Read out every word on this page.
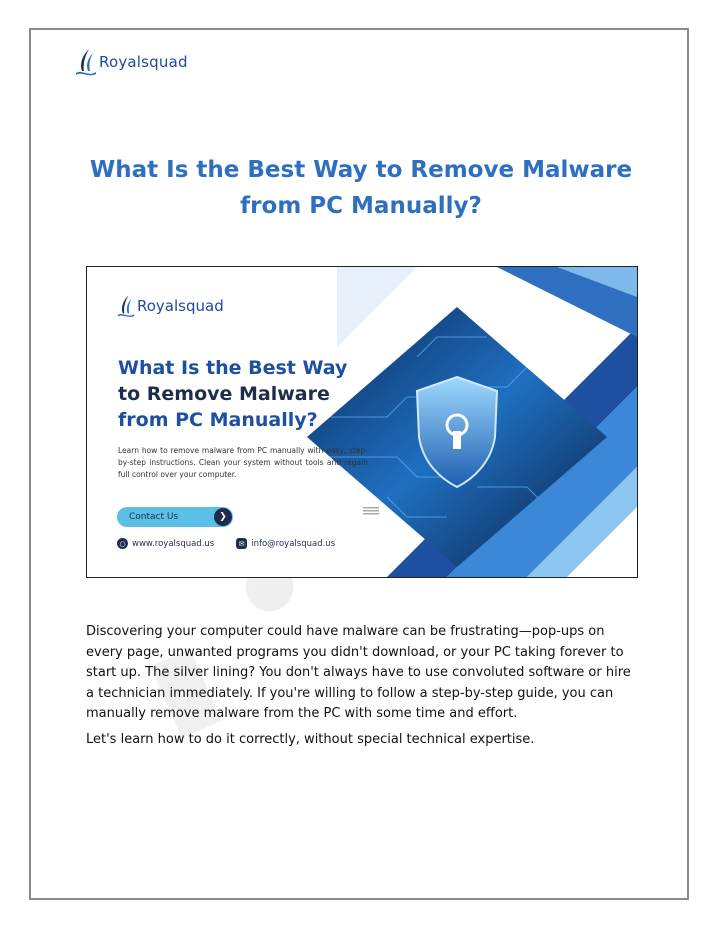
Royalsquad
What Is the Best Way to Remove Malware
from PC Manually?
Royalsquad
What Is the Best Way
to Remove Malware
from PC Manually?
Learn how to remove malware from PC manually with easy, step-by-step instructions. Clean your system without tools and regain full control over your computer.
Contact Us	❯
○ www.royalsquad.us	✉ info@royalsquad.us

Discovering your computer could have malware can be frustrating—pop-ups on every page, unwanted programs you didn't download, or your PC taking forever to start up. The silver lining? You don't always have to use convoluted software or hire a technician immediately. If you're willing to follow a step-by-step guide, you can manually remove malware from the PC with some time and effort.

Let's learn how to do it correctly, without special technical expertise.
